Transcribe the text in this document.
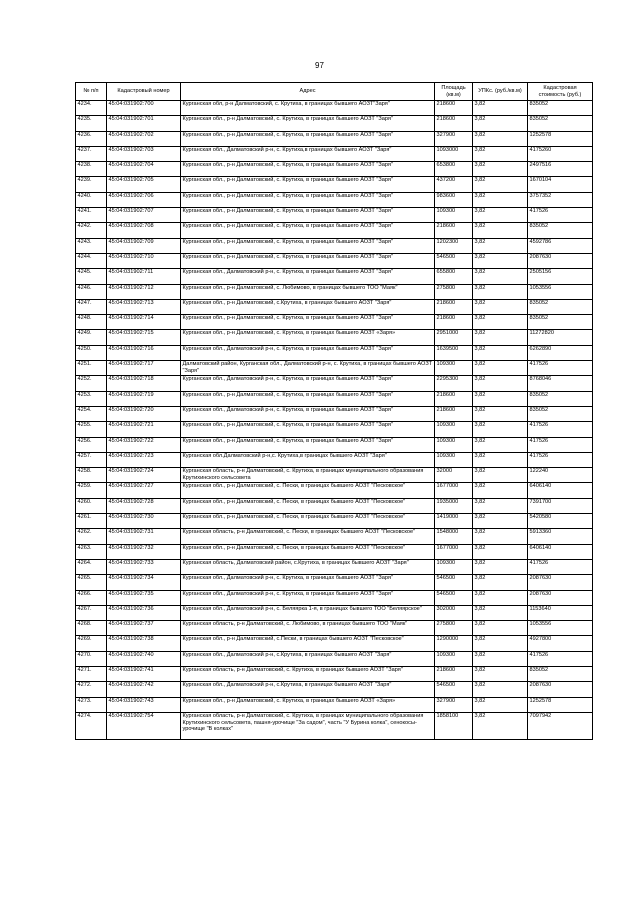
97
№ п/п	Кадастровый номер	Адрес	Площадь (кв.м)	УПКс. (руб./кв.м)	Кадастровая стоимость (руб.)
4234.	45:04:031902:700	Курганская обл, р-н Далматовский, с. Крутиха, в границах бывшего АОЗТ"Заря"	218600	3,82	835052
4235.	45:04:031902:701	Курганская обл., р-н Далматовский, с. Крутиха, в границах бывшего АОЗТ "Заря"	218600	3,82	835052
4236.	45:04:031902:702	Курганская обл., р-н Далматовский, с. Крутиха, в границах бывшего АОЗТ "Заря"	327900	3,82	1252578
4237.	45:04:031902:703	Курганская обл., Далматовский р-н, с. Крутиха,в границах бывшего АОЗТ "Заря"	1093000	3,82	4175260
4238.	45:04:031902:704	Курганская обл., р-н Далматовский, с. Крутиха, в границах бывшего АОЗТ "Заря"	653800	3,82	2497516
4239.	45:04:031902:705	Курганская обл., р-н Далматовский, с. Крутиха, в границах бывшего АОЗТ "Заря"	437200	3,82	1670104
4240.	45:04:031902:706	Курганская обл., р-н Далматовский, с. Крутиха, в границах бывшего АОЗТ "Заря"	983600	3,82	3757352
4241.	45:04:031902:707	Курганская обл., р-н Далматовский, с. Крутиха, в границах бывшего АОЗТ "Заря"	109300	3,82	417526
4242.	45:04:031902:708	Курганская обл., р-н Далматовский, с. Крутиха, в границах бывшего АОЗТ "Заря"	218600	3,82	835052
4243.	45:04:031902:709	Курганская обл., р-н Далматовский, с. Крутиха, в границах бывшего АОЗТ "Заря"	1202300	3,82	4592786
4244.	45:04:031902:710	Курганская обл., р-н Далматовский, с. Крутиха, в границах бывшего АОЗТ "Заря"	546500	3,82	2087630
4245.	45:04:031902:711	Курганская обл., Далматовский р-н, с. Крутиха, в границах бывшего АОЗТ "Заря"	655800	3,82	2505156
4246.	45:04:031902:712	Курганская обл., р-н Далматовский, с. Любимово, в границах бывшего ТОО "Маяк"	275800	3,82	1053556
4247.	45:04:031902:713	Курганская обл., р-н Далматовский, с.Крутиха, в границах бывшего АОЗТ "Заря"	218600	3,82	835052
4248.	45:04:031902:714	Курганская обл., р-н Далматовский, с. Крутиха, в границах бывшего АОЗТ "Заря"	218600	3,82	835052
4249.	45:04:031902:715	Курганская обл., р-н Далматовский, с. Крутиха, в границах бывшего АОЗТ «Заря»	2951000	3,82	11272820
4250.	45:04:031902:716	Курганская обл., Далматовский р-н, с. Крутиха, в границах бывшего АОЗТ "Заря"	1639500	3,82	6262890
4251.	45:04:031902:717	Далматовский район, Курганская обл., Далматовский р-н, с. Крутиха, в границах бывшего АОЗТ "Заря"	109300	3,82	417526
4252.	45:04:031902:718	Курганская обл., Далматовский р-н, с. Крутиха, в границах бывшего АОЗТ "Заря"	2295300	3,82	8768046
4253.	45:04:031902:719	Курганская обл., р-н Далматовский, с. Крутиха, в границах бывшего АОЗТ "Заря"	218600	3,82	835052
4254.	45:04:031902:720	Курганская обл., Далматовский р-н, с. Крутиха, в границах бывшего АОЗТ "Заря"	218600	3,82	835052
4255.	45:04:031902:721	Курганская обл., р-н Далматовский, с. Крутиха, в границах бывшего АОЗТ "Заря"	109300	3,82	417526
4256.	45:04:031902:722	Курганская обл., р-н Далматовский, с. Крутиха, в границах бывшего АОЗТ "Заря"	109300	3,82	417526
4257.	45:04:031902:723	Курганская обл.Далматовский р-н,с. Крутиха,в границах бывшего АОЗТ "Заря"	109300	3,82	417526
4258.	45:04:031902:724	Курганская область, р-н Далматовский, с. Крутиха, в границах муниципального образования Крутихинского сельсовета	32000	3,82	122240
4259.	45:04:031902:727	Курганская обл., р-н Далматовский, с. Пески, в границах бывшего АОЗТ "Песковское"	1677000	3,82	6406140
4260.	45:04:031902:728	Курганская обл., р-н Далматовский, с. Пески, в границах бывшего АОЗТ "Песковское"	1935000	3,82	7391700
4261.	45:04:031902:730	Курганская обл., р-н Далматовский, с. Пески, в границах бывшего АОЗТ "Песковское"	1419000	3,82	5420580
4262.	45:04:031902:731	Курганская область, р-н Далматовский, с. Пески, в границах бывшего АОЗТ "Песковское"	1548000	3,82	5913360
4263.	45:04:031902:732	Курганская обл., р-н Далматовский, с. Пески, в границах бывшего АОЗТ "Песковское"	1677000	3,82	6406140
4264.	45:04:031902:733	Курганская область, Далматовский район, с.Крутиха, в границах бывшего АОЗТ "Заря"	109300	3,82	417526
4265.	45:04:031902:734	Курганская обл., Далматовский р-н, с. Крутиха, в границах бывшего АОЗТ "Заря"	546500	3,82	2087630
4266.	45:04:031902:735	Курганская обл., Далматовский р-н, с. Крутиха, в границах бывшего АОЗТ "Заря"	546500	3,82	2087630
4267.	45:04:031902:736	Курганская обл., Далматовский р-н, с. Беляярка 1-я, в границах бывшего ТОО "Беляярское"	302000	3,82	1153640
4268.	45:04:031902:737	Курганская область, р-н Далматовский, с. Любимово, в границах бывшего ТОО "Маяк"	275800	3,82	1053556
4269.	45:04:031902:738	Курганская обл., р-н Далматовский, с.Пески, в границах бывшего АОЗТ "Песковское"	1290000	3,82	4927800
4270.	45:04:031902:740	Курганская обл., Далматовский р-н, с.Крутиха, в границах бывшего АОЗТ "Заря"	109300	3,82	417526
4271.	45:04:031902:741	Курганская область, р-н Далматовский, с. Крутиха, в границах бывшего АОЗТ "Заря"	218600	3,82	835052
4272.	45:04:031902:742	Курганская обл., Далматовский р-н, с.Крутиха, в границах бывшего АОЗТ "Заря"	546500	3,82	2087630
4273.	45:04:031902:743	Курганская обл., р-н Далматовский, с. Крутиха, в границах бывшего АОЗТ «Заря»	327900	3,82	1252578
4274.	45:04:031902:754	Курганская область, р-н Далматовский, с. Крутиха, в границах муниципального образования Крутихинского сельсовета, пашня-урочище "За садом", часть "У Бурина колка", сенокосы-урочище "В колках"	1858100	3,82	7097942
